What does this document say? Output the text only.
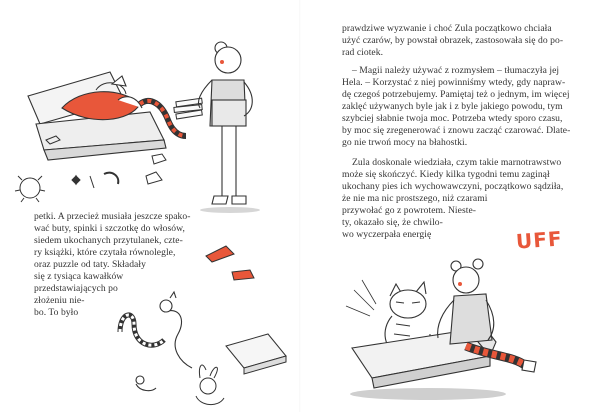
petki. A przecież musiała jeszcze spako-
wać buty, spinki i szczotkę do włosów,
siedem ukochanych przytulanek, czte-
ry książki, które czytała równolegle,
oraz puzzle od taty. Składały
się z tysiąca kawałków
przedstawiających po
złożeniu nie-
bo. To było
prawdziwe wyzwanie i choć Zula początkowo chciała
użyć czarów, by powstał obrazek, zastosowała się do po-
rad ciotek.
– Magii należy używać z rozmysłem – tłumaczyła jej
Hela. – Korzystać z niej powinniśmy wtedy, gdy napraw-
dę czegoś potrzebujemy. Pamiętaj też o jednym, im więcej
zaklęć używanych byle jak i z byle jakiego powodu, tym
szybciej słabnie twoja moc. Potrzeba wtedy sporo czasu,
by moc się zregenerować i znowu zacząć czarować. Dlate-
go nie trwoń mocy na błahostki.
Zula doskonale wiedziała, czym takie marnotrawstwo
może się skończyć. Kiedy kilka tygodni temu zaginął
ukochany pies ich wychowawczyni, początkowo sądziła,
że nie ma nic prostszego, niż czarami
przywołać go z powrotem. Nieste-
ty, okazało się, że chwilo-
wo wyczerpała energię	UFF
